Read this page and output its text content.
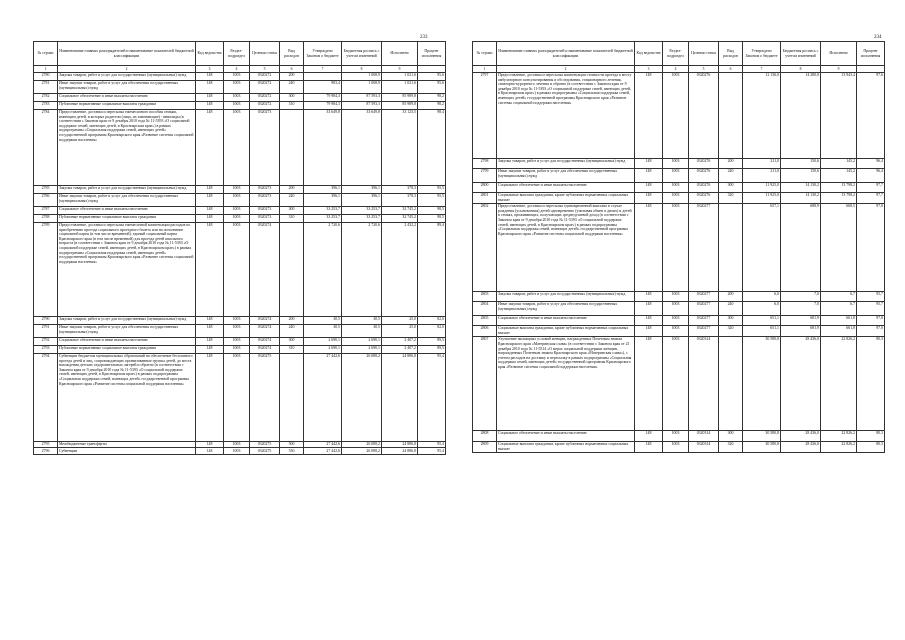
233
№ строки	Наименование главных распорядителей и наименование показателей бюджетной классификации	Код ведомства	Раздел-подраздел	Целевая статья	Вид расходов	Утверждено Законом о бюджете	Бюджетная роспись с учетом изменений	Исполнено	Процент исполнения
1	2	3	4	5	6	7	8	9	
2780	Закупка товаров, работ и услуг для государственных (муниципальных) нужд	148	1003	0320272	200		1 068,9	1 021,6	95,6
2781	Иные закупки товаров, работ и услуг для обеспечения государственных (муниципальных) нужд	148	1003	0320272	240	983,4	1 068,9	1 021,6	95,6
2782	Социальное обеспечение и иные выплаты населению	148	1003	0320272	300	79 984,3	87 593,3	85 989,8	98,2
2783	Публичные нормативные социальные выплаты гражданам	148	1003	0320272	310	79 984,3	87 593,3	85 989,8	98,2
2784	Предоставление, доставка и пересылка ежемесячного пособия семьям, имеющим детей, в которых родители (лица, их заменяющие) - инвалиды (в соответствии с Законом края от 9 декабря 2010 года № 11-5393 «О социальной поддержке семей, имеющих детей, в Красноярском крае») в рамках подпрограммы «Социальная поддержка семей, имеющих детей» государственной программы Красноярского края «Развитие системы социальной поддержки населения»	148	1003	0320273		33 649,8	33 649,8	33 123,5	98,4
2785	Закупка товаров, работ и услуг для государственных (муниципальных) нужд	148	1003	0320273	200	396,1	396,1	378,3	95,5
2786	Иные закупки товаров, работ и услуг для обеспечения государственных (муниципальных) нужд	148	1003	0320273	240	396,1	396,1	378,3	95,5
2787	Социальное обеспечение и иные выплаты населению	148	1003	0320273	300	33 253,7	33 253,7	32 745,2	98,5
2788	Публичные нормативные социальные выплаты гражданам	148	1003	0320273	310	33 253,7	33 253,7	32 745,2	98,5
2789	Предоставление, доставка и пересылка ежемесячной компенсации расходов по приобретению проезда социального проездного билета или на пополнение социальной карты (в том числе временной), единый социальный карты Красноярского края (в том числе временной) для проезда детей школьного возраста (в соответствии с Законом края от 9 декабря 2010 года № 11-5393 «О социальной поддержке семей, имеющих детей, в Красноярском крае») в рамках подпрограммы «Социальная поддержка семей, имеющих детей» государственной программы Красноярского края «Развитие системы социальной поддержки населения»	148	1003	0320274		2 720,6	2 720,6	2 432,2	89,4
2790	Закупка товаров, работ и услуг для государственных (муниципальных) нужд	148	1003	0320274	200	30,5	30,5	25,0	82,0
2791	Иные закупки товаров, работ и услуг для обеспечения государственных (муниципальных) нужд	148	1003	0320274	240	30,5	30,5	25,0	82,0
2792	Социальное обеспечение и иные выплаты населению	148	1003	0320274	300	2 690,1	2 690,1	2 407,2	89,5
2793	Публичные нормативные социальные выплаты гражданам	148	1003	0320274	310	2 690,1	2 690,1	2 407,2	89,5
2794	Субвенции бюджетам муниципальных образований на обеспечение бесплатного проезда детей и лиц, сопровождающих организованные группы детей, до места нахождения детских оздоровительных лагерей и обратно (в соответствии с Законом края от 9 декабря 2010 года № 11-5393 «О социальной поддержке семей, имеющих детей, в Красноярском крае») в рамках подпрограммы «Социальная поддержка семей, имеющих детей» государственной программы Красноярского края «Развитие системы социальной поддержки населения»	148	1003	0320275		27 442,6	26 088,2	24 886,8	95,4
2795	Межбюджетные трансферты	148	1003	0320275	500	27 442,6	26 088,2	24 886,8	95,4
2796	Субвенции	148	1003	0320275	530	27 442,6	26 088,2	24 886,8	95,4
234
№ строки	Наименование главных распорядителей и наименование показателей бюджетной классификации	Код ведомства	Раздел-подраздел	Целевая статья	Вид расходов	Утверждено Законом о бюджете	Бюджетная роспись с учетом изменений	Исполнено	Процент исполнения
1	2	3	4	5	6	7	8	9	
2797	Предоставление, доставка и пересылка компенсации стоимости проезда к месту амбулаторного консультирования и обследования, стационарного лечения, санаторно-курортного лечения и обратно (в соответствии с Законом края от 9 декабря 2010 года № 11-5393 «О социальной поддержке семей, имеющих детей, в Красноярском крае») в рамках подпрограммы «Социальная поддержка семей, имеющих детей» государственной программы Красноярского края «Развитие системы социальной поддержки населения»	148	1003	0320276		12 136,0	14 280,8	13 943,4	97,6
2798	Закупка товаров, работ и услуг для государственных (муниципальных) нужд	148	1003	0320276	200	211,0	150,6	145,2	96,4
2799	Иные закупки товаров, работ и услуг для обеспечения государственных (муниципальных) нужд	148	1003	0320276	240	211,0	150,6	145,2	96,4
2800	Социальное обеспечение и иные выплаты населению	148	1003	0320276	300	11 925,0	14 130,2	13 798,2	97,7
2801	Социальные выплаты гражданам, кроме публичных нормативных социальных выплат	148	1003	0320276	320	11 925,0	14 130,2	13 798,2	97,7
2802	Предоставление, доставка и пересылка единовременной выплаты в случае рождения (усыновления) детей одновременно (учитывая обмен и двоих) и детей в семьях, проживающих, получающих среднедушевой доход (в соответствии с Законом края от 9 декабря 2010 года № 11-5393 «О социальной поддержке семей, имеющих детей, в Красноярском крае») в рамках подпрограммы «Социальная поддержка семей, имеющих детей» государственной программы Красноярского края «Развитие системы социальной поддержки населения»	148	1003	0320277		657,1	688,9	668,5	97,0
2803	Закупка товаров, работ и услуг для государственных (муниципальных) нужд	148	1003	0320277	200	6,0	7,0	6,7	95,7
2804	Иные закупки товаров, работ и услуг для обеспечения государственных (муниципальных) нужд	148	1003	0320277	240	6,0	7,0	6,7	95,7
2805	Социальное обеспечение и иные выплаты населению	148	1003	0320277	300	651,1	681,9	661,8	97,0
2806	Социальные выплаты гражданам, кроме публичных нормативных социальных выплат	148	1003	0320277	320	651,1	681,9	661,8	97,0
2807	Улучшение жилищных условий женщин, награжденных Почетным знаком Красноярского края «Материнская слава» (в соответствии с Законом края от 21 декабря 2010 года № 11-5514 «О мерах социальной поддержки женщин, награжденных Почетным знаком Красноярского края «Материнская слава»), с учетом расходов на доставку и пересылку в рамках подпрограммы «Социальная поддержка семей, имеющих детей» государственной программы Красноярского края «Развитие системы социальной поддержки населения»	148	1003	0320314		30 580,8	28 436,0	22 826,2	80,3
2808	Социальное обеспечение и иные выплаты населению	148	1003	0320314	300	30 580,8	28 436,0	22 826,2	80,3
2809	Социальные выплаты гражданам, кроме публичных нормативных социальных выплат	148	1003	0320314	320	30 580,8	28 436,0	22 826,2	80,3
